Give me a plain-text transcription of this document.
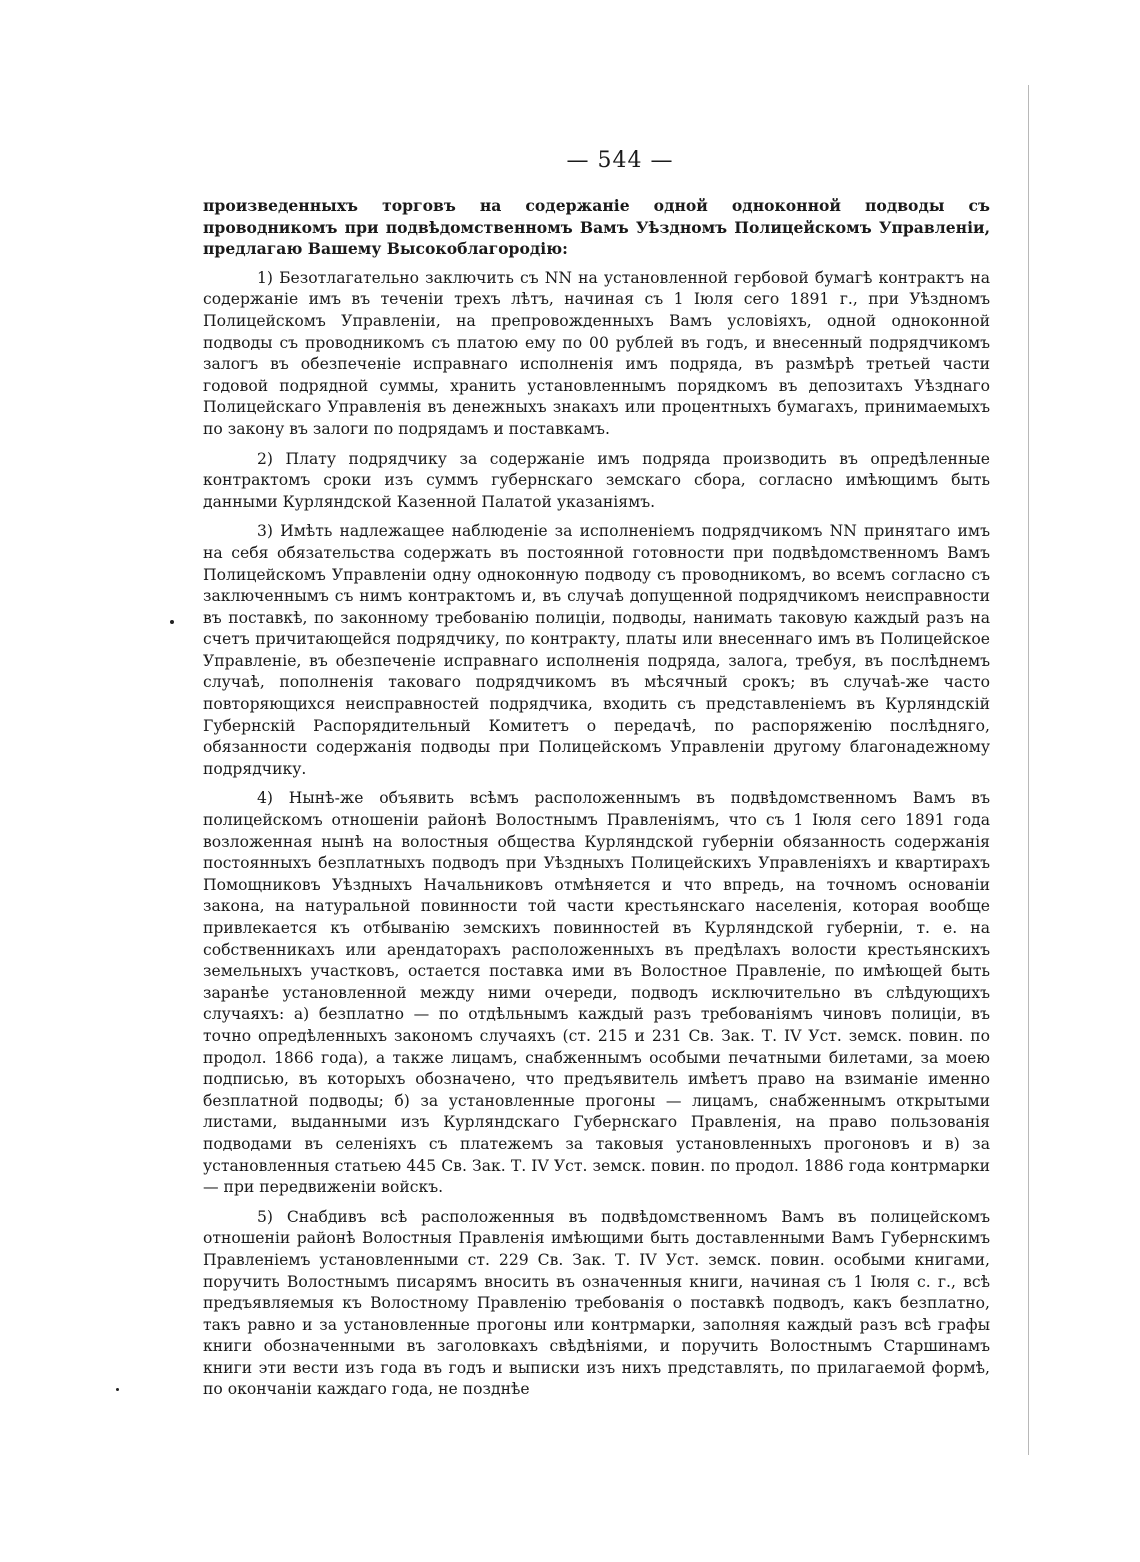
— 544 —

произведенныхъ торговъ на содержаніе одной одноконной подводы съ проводникомъ при подвѣдомственномъ Вамъ Уѣздномъ Полицейскомъ Управленіи, предлагаю Вашему Высокоблагородію:

1) Безотлагательно заключить съ NN на установленной гербовой бумагѣ контрактъ на содержаніе имъ въ теченіи трехъ лѣтъ, начиная съ 1 Іюля сего 1891 г., при Уѣздномъ Полицейскомъ Управленіи, на препровожденныхъ Вамъ условіяхъ, одной одноконной подводы съ проводникомъ съ платою ему по 00 рублей въ годъ, и внесенный подрядчикомъ залогъ въ обезпеченіе исправнаго исполненія имъ подряда, въ размѣрѣ третьей части годовой подрядной суммы, хранить установленнымъ порядкомъ въ депозитахъ Уѣзднаго Полицейскаго Управленія въ денежныхъ знакахъ или процентныхъ бумагахъ, принимаемыхъ по закону въ залоги по подрядамъ и поставкамъ.

2) Плату подрядчику за содержаніе имъ подряда производить въ опредѣленные контрактомъ сроки изъ суммъ губернскаго земскаго сбора, согласно имѣющимъ быть данными Курляндской Казенной Палатой указаніямъ.

3) Имѣть надлежащее наблюденіе за исполненіемъ подрядчикомъ NN принятаго имъ на себя обязательства содержать въ постоянной готовности при подвѣдомственномъ Вамъ Полицейскомъ Управленіи одну одноконную подводу съ проводникомъ, во всемъ согласно съ заключеннымъ съ нимъ контрактомъ и, въ случаѣ допущенной подрядчикомъ неисправности въ поставкѣ, по законному требованію полиціи, подводы, нанимать таковую каждый разъ на счетъ причитающейся подрядчику, по контракту, платы или внесеннаго имъ въ Полицейское Управленіе, въ обезпеченіе исправнаго исполненія подряда, залога, требуя, въ послѣднемъ случаѣ, пополненія таковаго подрядчикомъ въ мѣсячный срокъ; въ случаѣ-же часто повторяющихся неисправностей подрядчика, входить съ представленіемъ въ Курляндскій Губернскій Распорядительный Комитетъ о передачѣ, по распоряженію послѣдняго, обязанности содержанія подводы при Полицейскомъ Управленіи другому благонадежному подрядчику.

4) Нынѣ-же объявить всѣмъ расположеннымъ въ подвѣдомственномъ Вамъ въ полицейскомъ отношеніи районѣ Волостнымъ Правленіямъ, что съ 1 Іюля сего 1891 года возложенная нынѣ на волостныя общества Курляндской губерніи обязанность содержанія постоянныхъ безплатныхъ подводъ при Уѣздныхъ Полицейскихъ Управленіяхъ и квартирахъ Помощниковъ Уѣздныхъ Начальниковъ отмѣняется и что впредь, на точномъ основаніи закона, на натуральной повинности той части крестьянскаго населенія, которая вообще привлекается къ отбыванію земскихъ повинностей въ Курляндской губерніи, т. е. на собственникахъ или арендаторахъ расположенныхъ въ предѣлахъ волости крестьянскихъ земельныхъ участковъ, остается поставка ими въ Волостное Правленіе, по имѣющей быть заранѣе установленной между ними очереди, подводъ исключительно въ слѣдующихъ случаяхъ: а) безплатно — по отдѣльнымъ каждый разъ требованіямъ чиновъ полиціи, въ точно опредѣленныхъ закономъ случаяхъ (ст. 215 и 231 Св. Зак. Т. IV Уст. земск. повин. по продол. 1866 года), а также лицамъ, снабженнымъ особыми печатными билетами, за моею подписью, въ которыхъ обозначено, что предъявитель имѣетъ право на взиманіе именно безплатной подводы; б) за установленные прогоны — лицамъ, снабженнымъ открытыми листами, выданными изъ Курляндскаго Губернскаго Правленія, на право пользованія подводами въ селеніяхъ съ платежемъ за таковыя установленныхъ прогоновъ и в) за установленныя статьею 445 Св. Зак. Т. IV Уст. земск. повин. по продол. 1886 года контрмарки — при передвиженіи войскъ.

5) Снабдивъ всѣ расположенныя въ подвѣдомственномъ Вамъ въ полицейскомъ отношеніи районѣ Волостныя Правленія имѣющими быть доставленными Вамъ Губернскимъ Правленіемъ установленными ст. 229 Св. Зак. Т. IV Уст. земск. повин. особыми книгами, поручить Волостнымъ писарямъ вносить въ означенныя книги, начиная съ 1 Іюля с. г., всѣ предъявляемыя къ Волостному Правленію требованія о поставкѣ подводъ, какъ безплатно, такъ равно и за установленные прогоны или контрмарки, заполняя каждый разъ всѣ графы книги обозначенными въ заголовкахъ свѣдѣніями, и поручить Волостнымъ Старшинамъ книги эти вести изъ года въ годъ и выписки изъ нихъ представлять, по прилагаемой формѣ, по окончаніи каждаго года, не позднѣе
